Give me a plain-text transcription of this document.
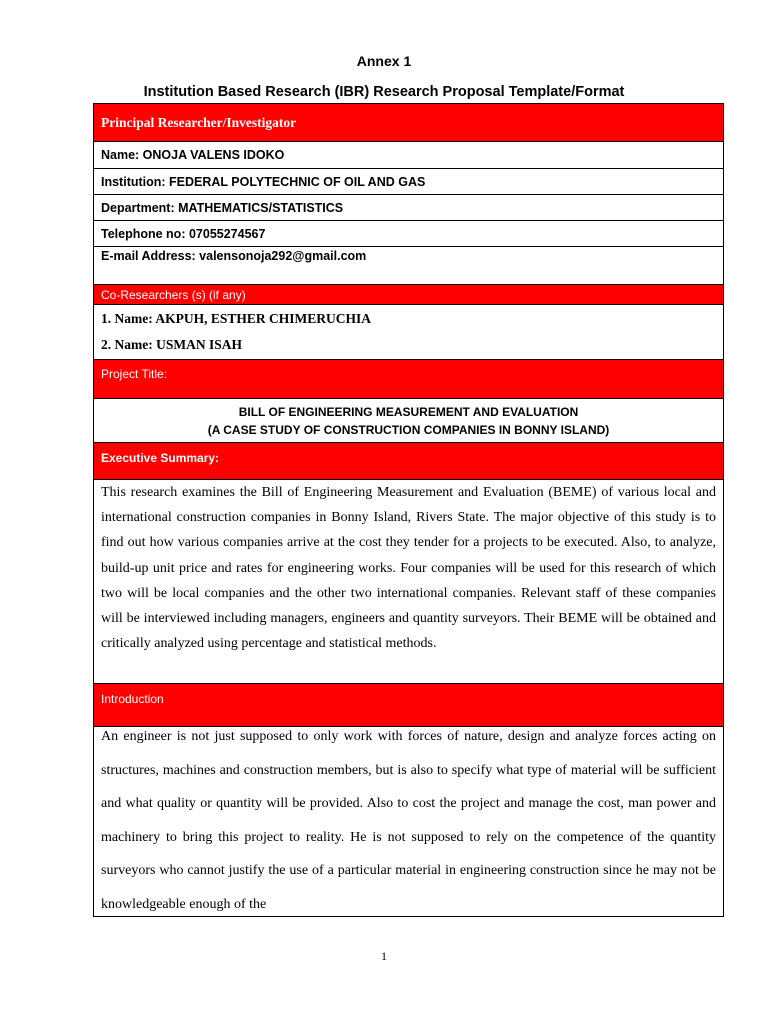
Annex 1
Institution Based Research (IBR) Research Proposal Template/Format
Principal Researcher/Investigator
Name: ONOJA VALENS IDOKO
Institution: FEDERAL POLYTECHNIC OF OIL AND GAS
Department: MATHEMATICS/STATISTICS
Telephone no: 07055274567
E-mail Address: valensonoja292@gmail.com
Co-Researchers (s) (if any)

1. Name: AKPUH, ESTHER CHIMERUCHIA
2. Name: USMAN ISAH

Project Title:

BILL OF ENGINEERING MEASUREMENT AND EVALUATION
(A CASE STUDY OF CONSTRUCTION COMPANIES IN BONNY ISLAND)

Executive Summary:
This research examines the Bill of Engineering Measurement and Evaluation (BEME) of various local and international construction companies in Bonny Island, Rivers State. The major objective of this study is to find out how various companies arrive at the cost they tender for a projects to be executed. Also, to analyze, build-up unit price and rates for engineering works. Four companies will be used for this research of which two will be local companies and the other two international companies. Relevant staff of these companies will be interviewed including managers, engineers and quantity surveyors. Their BEME will be obtained and critically analyzed using percentage and statistical methods.
Introduction

An engineer is not just supposed to only work with forces of nature, design and analyze forces acting on structures, machines and construction members, but is also to specify what type of material will be sufficient and what quality or quantity will be provided. Also to cost the project and manage the cost, man power and machinery to bring this project to reality. He is not supposed to rely on the competence of the quantity surveyors who cannot justify the use of a particular material in engineering construction since he may not be knowledgeable enough of the
1
